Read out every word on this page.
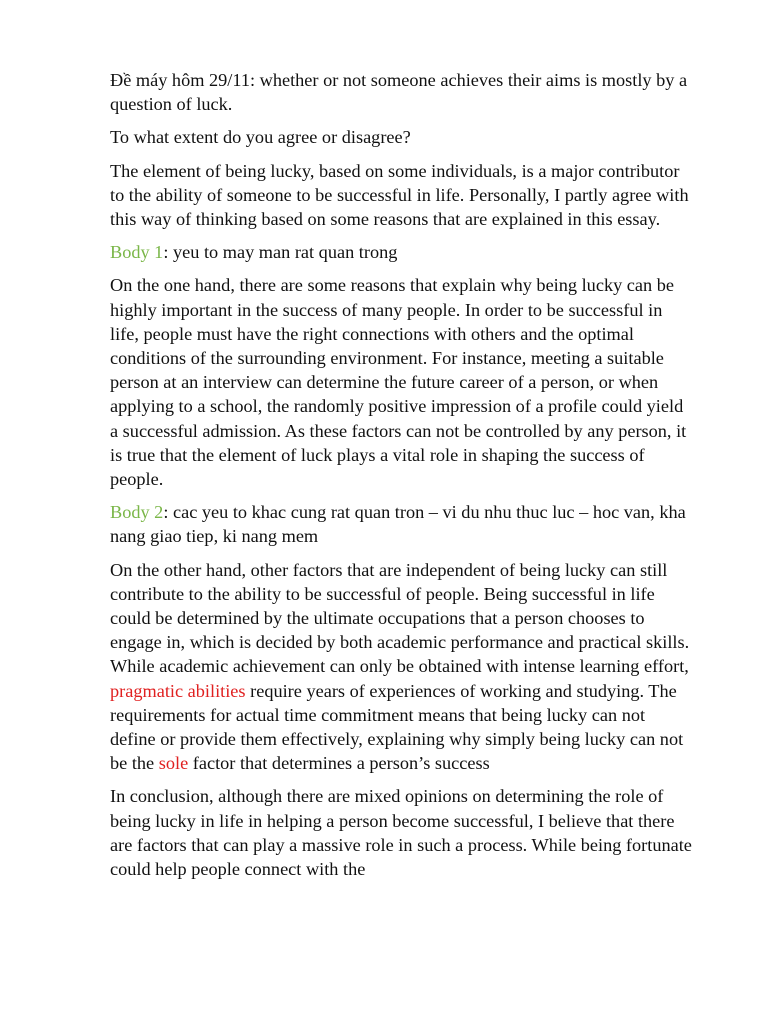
Đề máy hôm 29/11: whether or not someone achieves their aims is mostly by a question of luck.

To what extent do you agree or disagree?

The element of being lucky, based on some individuals, is a major contributor to the ability of someone to be successful in life. Personally, I partly agree with this way of thinking based on some reasons that are explained in this essay.

Body 1: yeu to may man rat quan trong

On the one hand, there are some reasons that explain why being lucky can be highly important in the success of many people. In order to be successful in life, people must have the right connections with others and the optimal conditions of the surrounding environment. For instance, meeting a suitable person at an interview can determine the future career of a person, or when applying to a school, the randomly positive impression of a profile could yield a successful admission. As these factors can not be controlled by any person, it is true that the element of luck plays a vital role in shaping the success of people.

Body 2: cac yeu to khac cung rat quan tron – vi du nhu thuc luc – hoc van, kha nang giao tiep, ki nang mem

On the other hand, other factors that are independent of being lucky can still contribute to the ability to be successful of people. Being successful in life could be determined by the ultimate occupations that a person chooses to engage in, which is decided by both academic performance and practical skills. While academic achievement can only be obtained with intense learning effort, pragmatic abilities require years of experiences of working and studying. The requirements for actual time commitment means that being lucky can not define or provide them effectively, explaining why simply being lucky can not be the sole factor that determines a person’s success

In conclusion, although there are mixed opinions on determining the role of being lucky in life in helping a person become successful, I believe that there are factors that can play a massive role in such a process. While being fortunate could help people connect with the
